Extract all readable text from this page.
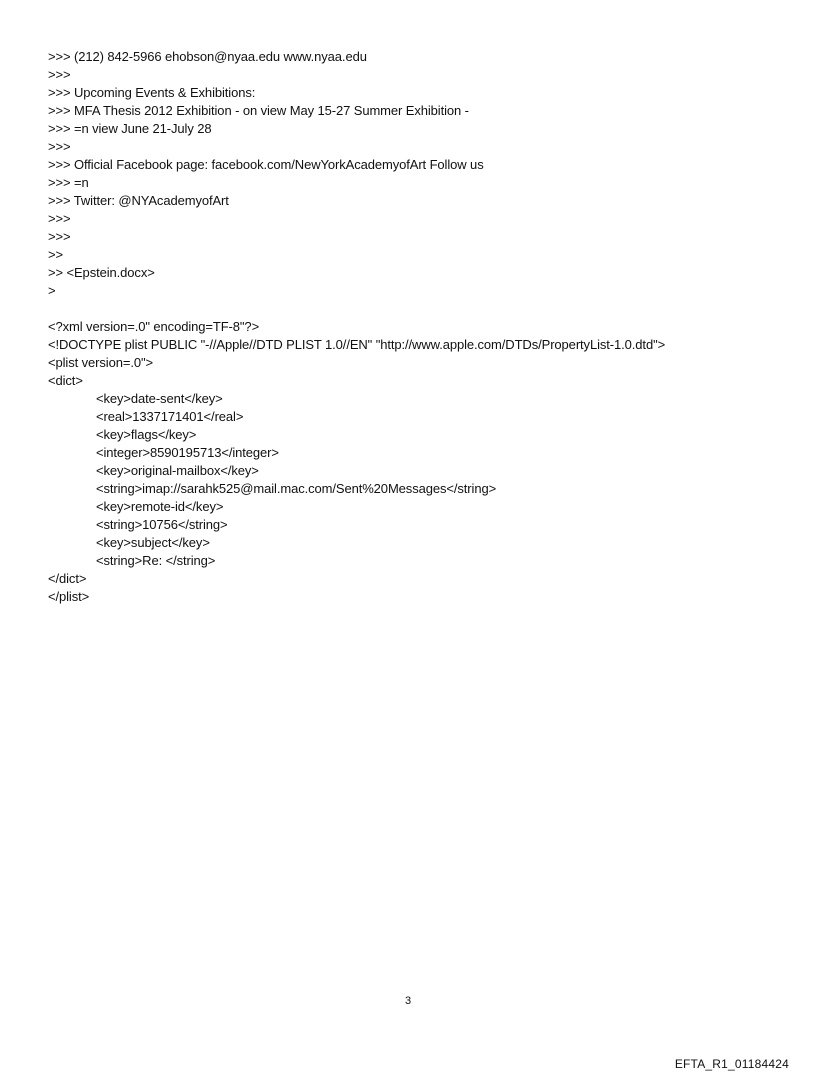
>>> (212) 842-5966 ehobson@nyaa.edu www.nyaa.edu
>>>
>>> Upcoming Events & Exhibitions:
>>> MFA Thesis 2012 Exhibition - on view May 15-27 Summer Exhibition -
>>> =n view June 21-July 28
>>>
>>> Official Facebook page: facebook.com/NewYorkAcademyofArt Follow us
>>> =n
>>> Twitter: @NYAcademyofArt
>>>
>>>
>>
>> <Epstein.docx>
>
<?xml version=.0" encoding=TF-8"?>
<!DOCTYPE plist PUBLIC "-//Apple//DTD PLIST 1.0//EN" "http://www.apple.com/DTDs/PropertyList-1.0.dtd">
<plist version=.0">
<dict>
<key>date-sent</key>
<real>1337171401</real>
<key>flags</key>
<integer>8590195713</integer>
<key>original-mailbox</key>
<string>imap://sarahk525@mail.mac.com/Sent%20Messages</string>
<key>remote-id</key>
<string>10756</string>
<key>subject</key>
<string>Re: </string>
</dict>
</plist>
3
EFTA_R1_01184424
